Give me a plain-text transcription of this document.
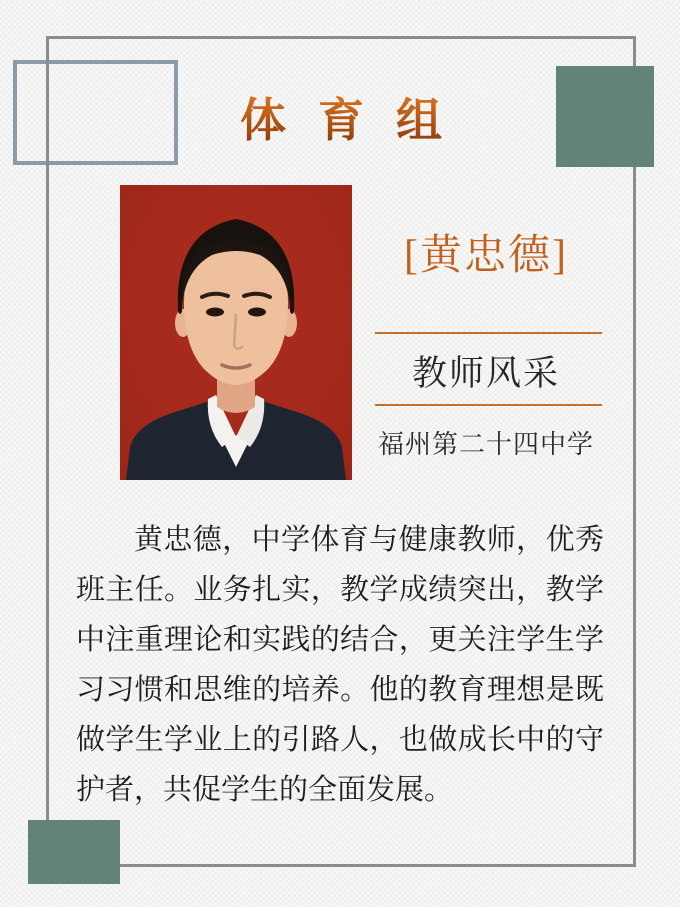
体育组
[黄忠德]
教师风采
福州第二十四中学

黄忠德，中学体育与健康教师，优秀班主任。业务扎实，教学成绩突出，教学中注重理论和实践的结合，更关注学生学习习惯和思维的培养。他的教育理想是既做学生学业上的引路人，也做成长中的守护者，共促学生的全面发展。
